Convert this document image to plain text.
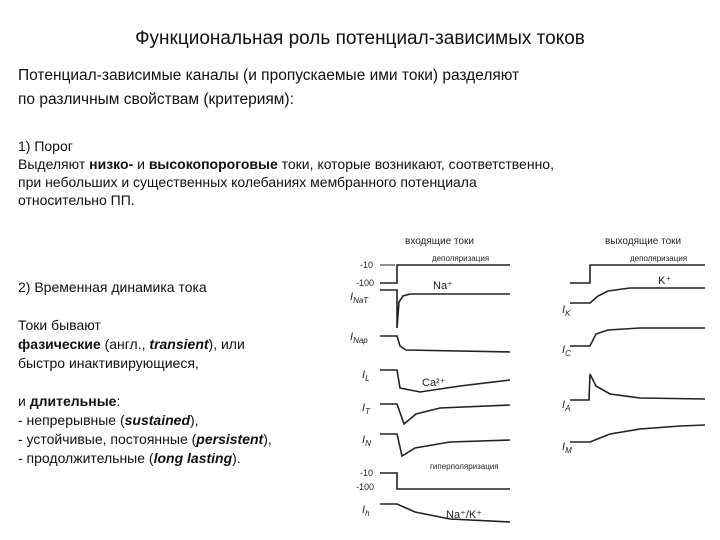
Функциональная роль потенциал-зависимых токов
Потенциал-зависимые каналы (и пропускаемые ими токи) разделяют
по различным свойствам (критериям):
1) Порог
Выделяют низко- и высокопороговые токи, которые возникают, соответственно,
при небольших и существенных колебаниях мембранного потенциала
относительно ПП.
2) Временная динамика тока
Токи бывают
фазические (англ., transient), или
быстро инактивирующиеся,
и длительные:
- непрерывные (sustained),
- устойчивые, постоянные (persistent),
- продолжительные (long lasting).
входящие токи	выходящие токи
-10
-100
деполяризация	деполяризация
$I_{NaT}$
Na⁺
$I_{Nap}$
$I_L$	Ca²⁺
$I_T$
$I_N$
-10
-100
гиперполяризация
$I_h$	Na⁺/K⁺
$I_K$
K⁺
$I_C$
$I_A$
$I_M$
